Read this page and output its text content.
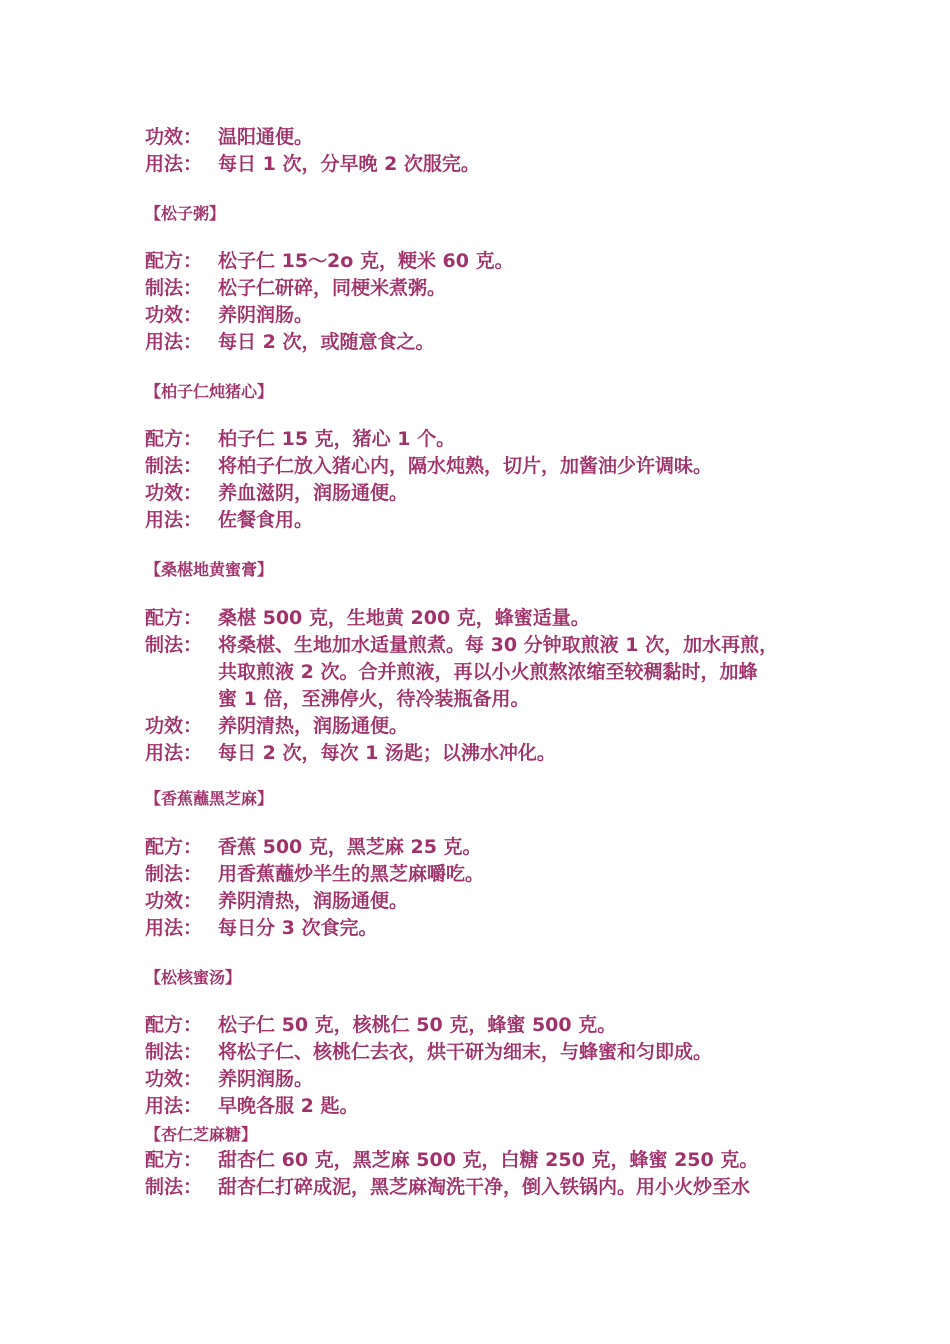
功效： 温阳通便。
用法： 每日 1 次，分早晚 2 次服完。
【松子粥】
配方： 松子仁 15～2o 克，粳米 60 克。
制法： 松子仁研碎，同梗米煮粥。
功效： 养阴润肠。
用法： 每日 2 次，或随意食之。
【柏子仁炖猪心】
配方： 柏子仁 15 克，猪心 1 个。
制法： 将柏子仁放入猪心内，隔水炖熟，切片，加酱油少许调味。
功效： 养血滋阴，润肠通便。
用法： 佐餐食用。
【桑椹地黄蜜膏】
配方： 桑椹 500 克，生地黄 200 克，蜂蜜适量。
制法： 将桑椹、生地加水适量煎煮。每 30 分钟取煎液 1 次，加水再煎，
共取煎液 2 次。合并煎液，再以小火煎熬浓缩至较稠黏时，加蜂
蜜 1 倍，至沸停火，待冷装瓶备用。
功效： 养阴清热，润肠通便。
用法： 每日 2 次，每次 1 汤匙；以沸水冲化。
【香蕉蘸黑芝麻】
配方： 香蕉 500 克，黑芝麻 25 克。
制法： 用香蕉蘸炒半生的黑芝麻嚼吃。
功效： 养阴清热，润肠通便。
用法： 每日分 3 次食完。
【松核蜜汤】
配方： 松子仁 50 克，核桃仁 50 克，蜂蜜 500 克。
制法： 将松子仁、核桃仁去衣，烘干研为细末，与蜂蜜和匀即成。
功效： 养阴润肠。
用法： 早晚各服 2 匙。
【杏仁芝麻糖】
配方： 甜杏仁 60 克，黑芝麻 500 克，白糖 250 克，蜂蜜 250 克。
制法： 甜杏仁打碎成泥，黑芝麻淘洗干净，倒入铁锅内。用小火炒至水
